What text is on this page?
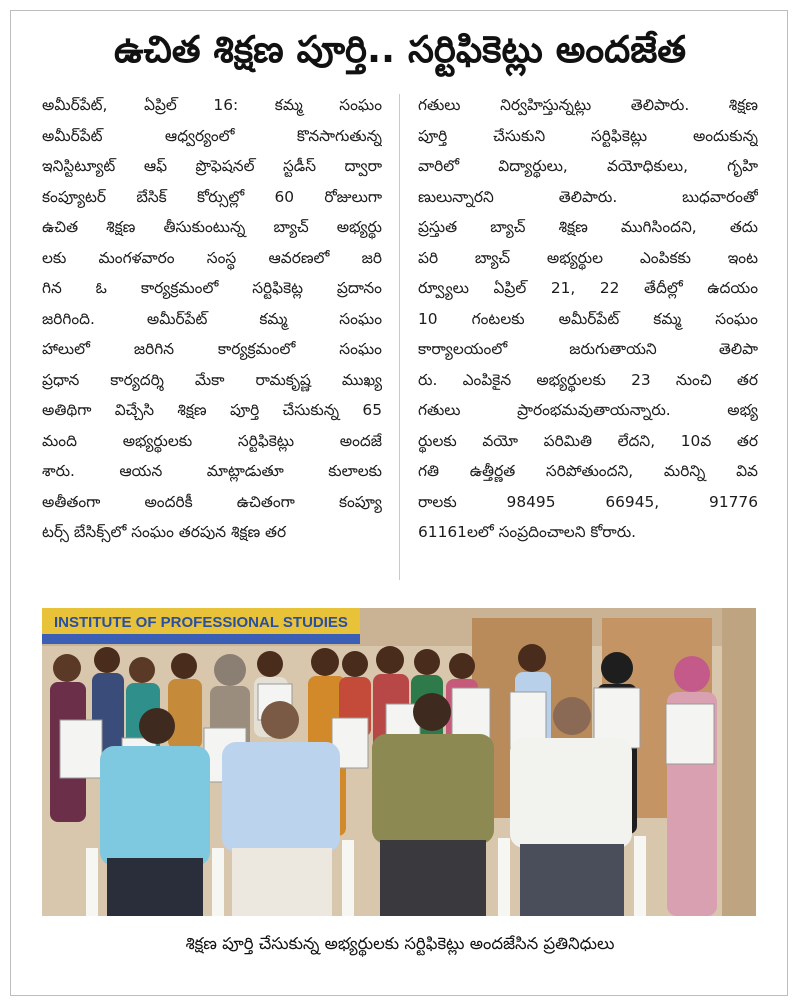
ఉచిత శిక్షణ పూర్తి.. సర్టిఫికెట్లు అందజేత
అమీర్‌పేట్, ఏప్రిల్ 16: కమ్మ సంఘం
అమీర్‌పేట్ ఆధ్వర్యంలో కొనసాగుతున్న
ఇనిస్టిట్యూట్ ఆఫ్ ప్రొఫెషనల్ స్టడీస్ ద్వారా
కంప్యూటర్ బేసిక్ కోర్సుల్లో 60 రోజులుగా
ఉచిత శిక్షణ తీసుకుంటున్న బ్యాచ్ అభ్యర్థు
లకు మంగళవారం సంస్థ ఆవరణలో జరి
గిన ఓ కార్యక్రమంలో సర్టిఫికెట్ల ప్రదానం
జరిగింది. అమీర్‌పేట్ కమ్మ సంఘం
హాలులో జరిగిన కార్యక్రమంలో సంఘం
ప్రధాన కార్యదర్శి మేకా రామకృష్ణ ముఖ్య
అతిథిగా విచ్చేసి శిక్షణ పూర్తి చేసుకున్న 65
మంది అభ్యర్థులకు సర్టిఫికెట్లు అందజే
శారు. ఆయన మాట్లాడుతూ కులాలకు
అతీతంగా అందరికీ ఉచితంగా కంప్యూ
టర్స్ బేసిక్స్‌లో సంఘం తరపున శిక్షణ తర
గతులు నిర్వహిస్తున్నట్లు తెలిపారు. శిక్షణ
పూర్తి చేసుకుని సర్టిఫికెట్లు అందుకున్న
వారిలో విద్యార్థులు, వయోధికులు, గృహి
ణులున్నారని తెలిపారు. బుధవారంతో
ప్రస్తుత బ్యాచ్ శిక్షణ ముగిసిందని, తదు
పరి బ్యాచ్ అభ్యర్థుల ఎంపికకు ఇంట
ర్వ్యూలు ఏప్రిల్ 21, 22 తేదీల్లో ఉదయం
10 గంటలకు అమీర్‌పేట్ కమ్మ సంఘం
కార్యాలయంలో జరుగుతాయని తెలిపా
రు. ఎంపికైన అభ్యర్థులకు 23 నుంచి తర
గతులు ప్రారంభమవుతాయన్నారు. అభ్య
ర్థులకు వయో పరిమితి లేదని, 10వ తర
గతి ఉత్తీర్ణత సరిపోతుందని, మరిన్ని వివ
రాలకు 98495 66945, 91776
61161లలో సంప్రదించాలని కోరారు.
INSTITUTE OF PROFESSIONAL STUDIES
శిక్షణ పూర్తి చేసుకున్న అభ్యర్థులకు సర్టిఫికెట్లు అందజేసిన ప్రతినిధులు
